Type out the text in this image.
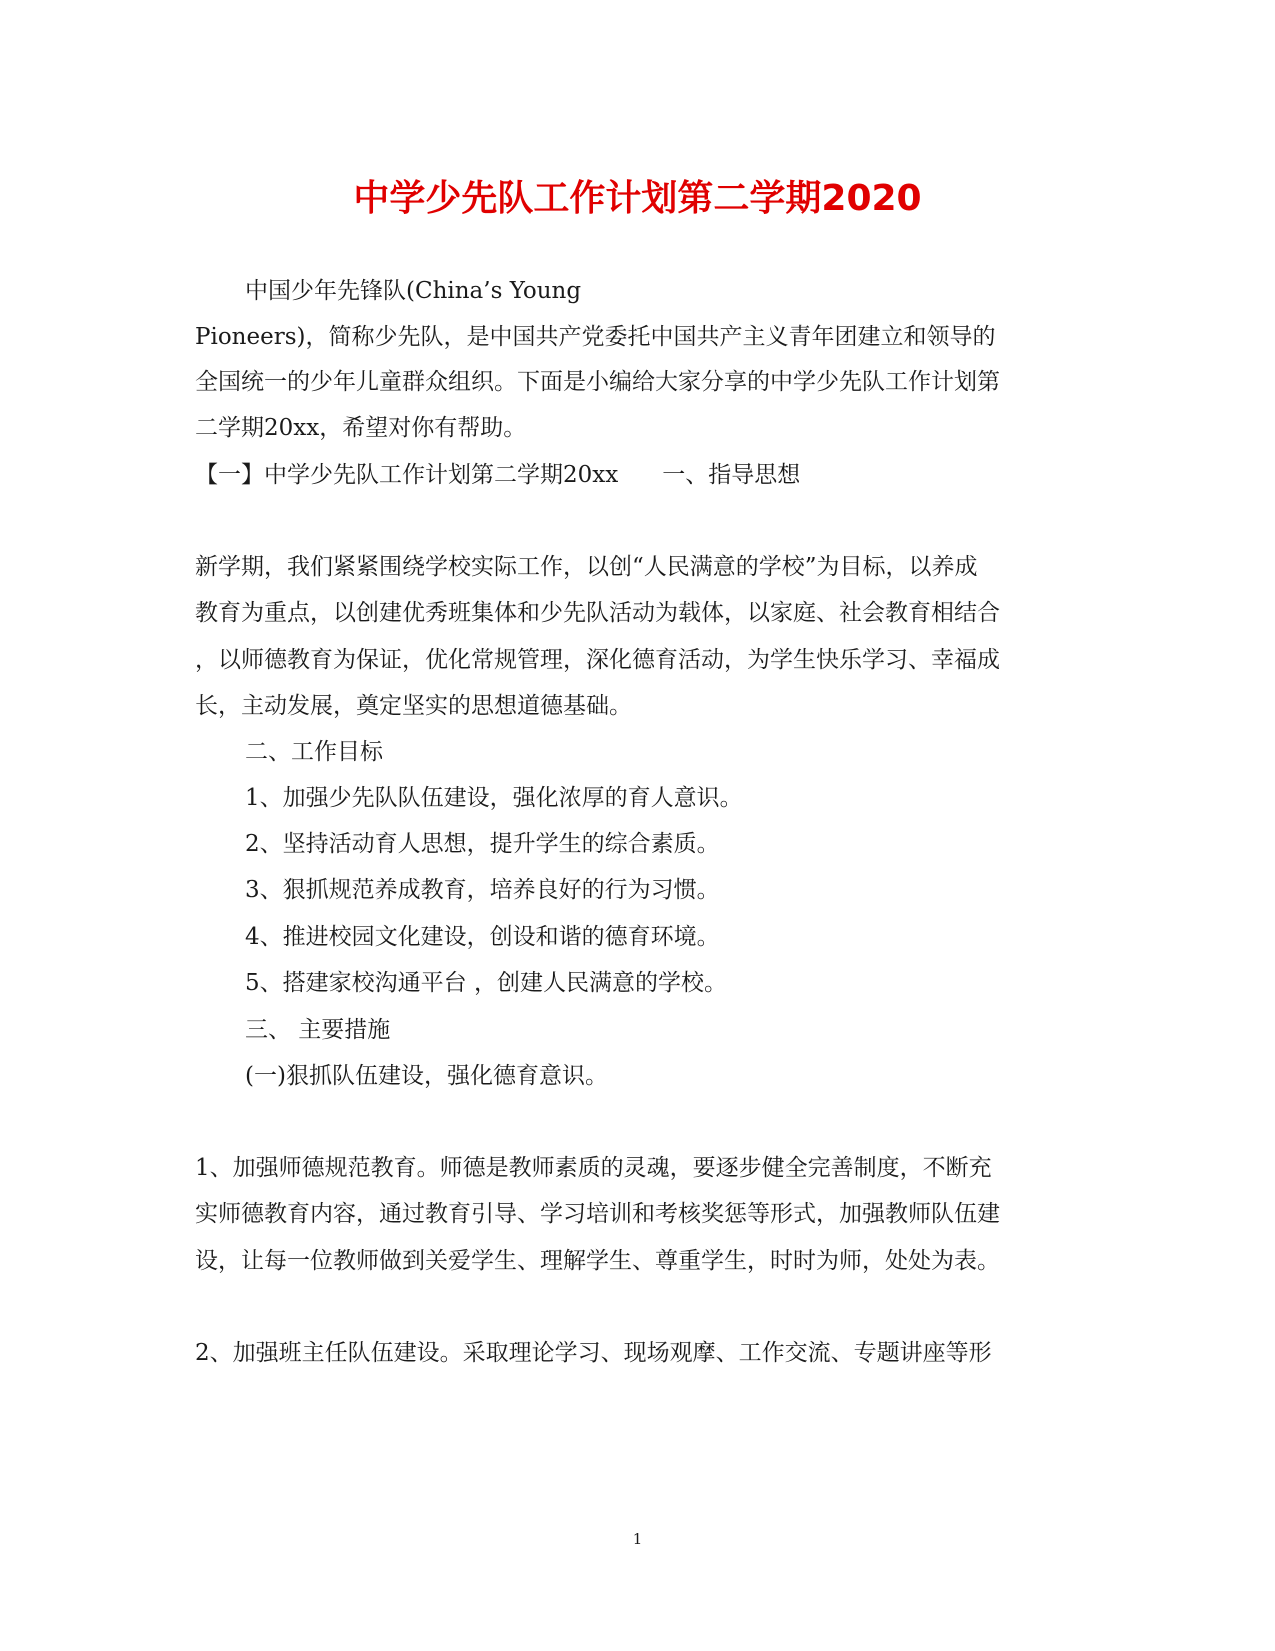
中学少先队工作计划第二学期2020

中国少年先锋队(China’s Young

Pioneers)，简称少先队，是中国共产党委托中国共产主义青年团建立和领导的

全国统一的少年儿童群众组织。下面是小编给大家分享的中学少先队工作计划第

二学期20xx，希望对你有帮助。

【一】中学少先队工作计划第二学期20xx 一、指导思想

新学期，我们紧紧围绕学校实际工作，以创“人民满意的学校”为目标，以养成

教育为重点，以创建优秀班集体和少先队活动为载体，以家庭、社会教育相结合

，以师德教育为保证，优化常规管理，深化德育活动，为学生快乐学习、幸福成

长，主动发展，奠定坚实的思想道德基础。

二、工作目标

1、加强少先队队伍建设，强化浓厚的育人意识。

2、坚持活动育人思想，提升学生的综合素质。

3、狠抓规范养成教育，培养良好的行为习惯。

4、推进校园文化建设，创设和谐的德育环境。

5、搭建家校沟通平台 ，创建人民满意的学校。

三、 主要措施

(一)狠抓队伍建设，强化德育意识。

1、加强师德规范教育。师德是教师素质的灵魂，要逐步健全完善制度，不断充

实师德教育内容，通过教育引导、学习培训和考核奖惩等形式，加强教师队伍建

设，让每一位教师做到关爱学生、理解学生、尊重学生，时时为师，处处为表。

2、加强班主任队伍建设。采取理论学习、现场观摩、工作交流、专题讲座等形

1
